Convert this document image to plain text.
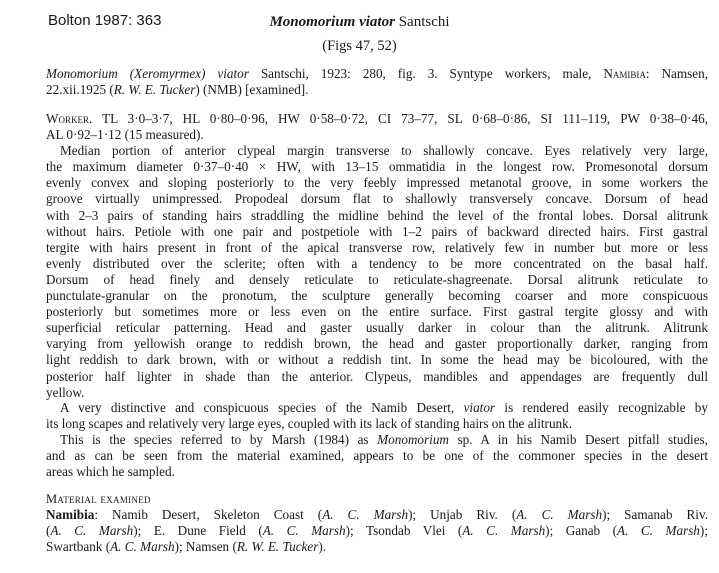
Bolton 1987: 363	Monomorium viator Santschi
(Figs 47, 52)
Monomorium (Xeromyrmex) viator Santschi, 1923: 280, fig. 3. Syntype workers, male, Namibia: Namsen,
22.xii.1925 (R. W. E. Tucker) (NMB) [examined].
Worker. TL 3·0–3·7, HL 0·80–0·96, HW 0·58–0·72, CI 73–77, SL 0·68–0·86, SI 111–119, PW 0·38–0·46,
AL 0·92–1·12 (15 measured).
Median portion of anterior clypeal margin transverse to shallowly concave. Eyes relatively very large,
the maximum diameter 0·37–0·40 × HW, with 13–15 ommatidia in the longest row. Promesonotal dorsum
evenly convex and sloping posteriorly to the very feebly impressed metanotal groove, in some workers the
groove virtually unimpressed. Propodeal dorsum flat to shallowly transversely concave. Dorsum of head
with 2–3 pairs of standing hairs straddling the midline behind the level of the frontal lobes. Dorsal alitrunk
without hairs. Petiole with one pair and postpetiole with 1–2 pairs of backward directed hairs. First gastral
tergite with hairs present in front of the apical transverse row, relatively few in number but more or less
evenly distributed over the sclerite; often with a tendency to be more concentrated on the basal half.
Dorsum of head finely and densely reticulate to reticulate-shagreenate. Dorsal alitrunk reticulate to
punctulate-granular on the pronotum, the sculpture generally becoming coarser and more conspicuous
posteriorly but sometimes more or less even on the entire surface. First gastral tergite glossy and with
superficial reticular patterning. Head and gaster usually darker in colour than the alitrunk. Alitrunk
varying from yellowish orange to reddish brown, the head and gaster proportionally darker, ranging from
light reddish to dark brown, with or without a reddish tint. In some the head may be bicoloured, with the
posterior half lighter in shade than the anterior. Clypeus, mandibles and appendages are frequently dull
yellow.
A very distinctive and conspicuous species of the Namib Desert, viator is rendered easily recognizable by
its long scapes and relatively very large eyes, coupled with its lack of standing hairs on the alitrunk.
This is the species referred to by Marsh (1984) as Monomorium sp. A in his Namib Desert pitfall studies,
and as can be seen from the material examined, appears to be one of the commoner species in the desert
areas which he sampled.
Material examined
Namibia: Namib Desert, Skeleton Coast (A. C. Marsh); Unjab Riv. (A. C. Marsh); Samanab Riv.
(A. C. Marsh); E. Dune Field (A. C. Marsh); Tsondab Vlei (A. C. Marsh); Ganab (A. C. Marsh);
Swartbank (A. C. Marsh); Namsen (R. W. E. Tucker).
